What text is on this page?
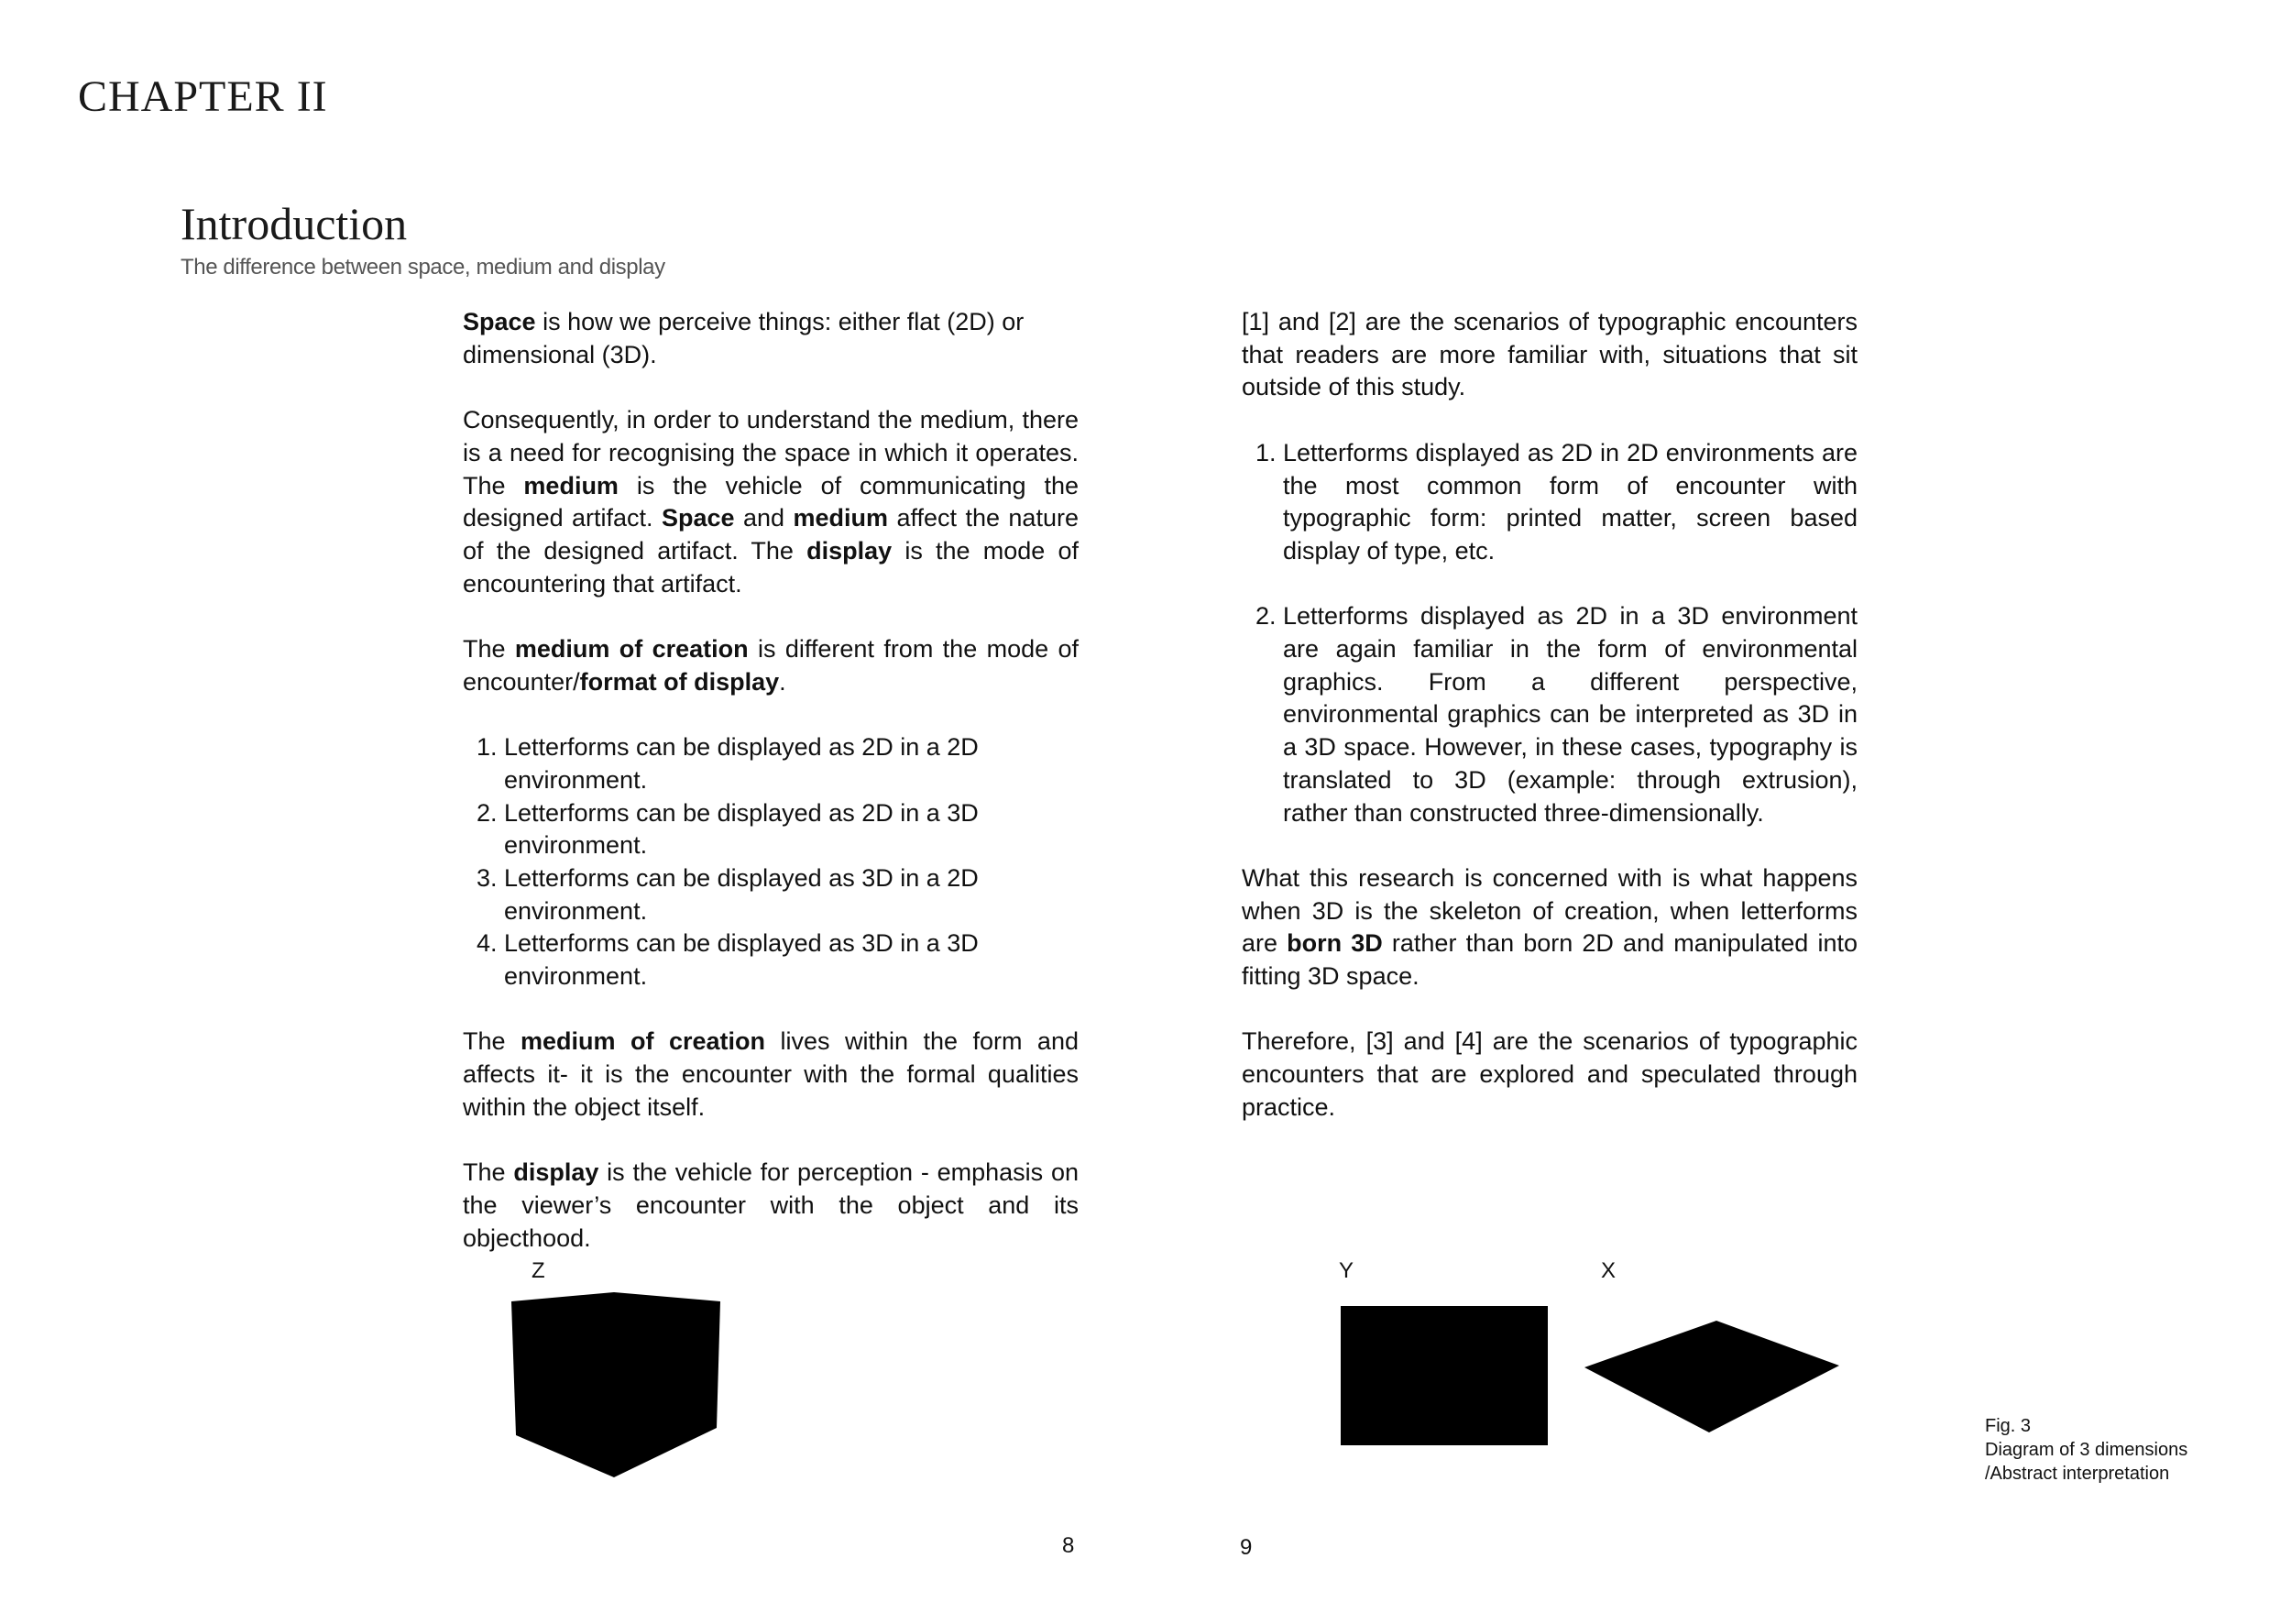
CHAPTER II
Introduction

The difference between space, medium and display

Space is how we perceive things: either flat (2D) or dimensional (3D).

Consequently, in order to understand the medium, there is a need for recognising the space in which it operates. The medium is the vehicle of communicating the designed artifact. Space and medium affect the nature of the designed artifact. The display is the mode of encountering that artifact.

The medium of creation is different from the mode of encounter/format of display.

1. Letterforms can be displayed as 2D in a 2D environment.
2. Letterforms can be displayed as 2D in a 3D environment.
3. Letterforms can be displayed as 3D in a 2D environment.
4. Letterforms can be displayed as 3D in a 3D environment.

The medium of creation lives within the form and affects it- it is the encounter with the formal qualities within the object itself.

The display is the vehicle for perception - emphasis on the viewer’s encounter with the object and its objecthood.

[1] and [2] are the scenarios of typographic encounters that readers are more familiar with, situations that sit outside of this study.

1. Letterforms displayed as 2D in 2D environments are the most common form of encounter with typographic form: printed matter, screen based display of type, etc.
2. Letterforms displayed as 2D in a 3D environment are again familiar in the form of environmental graphics. From a different perspective, environmental graphics can be interpreted as 3D in a 3D space. However, in these cases, typography is translated to 3D (example: through extrusion), rather than constructed three-dimensionally.

What this research is concerned with is what happens when 3D is the skeleton of creation, when letterforms are born 3D rather than born 2D and manipulated into fitting 3D space.

Therefore, [3] and [4] are the scenarios of typographic encounters that are explored and speculated through practice.

Z	Y	X
Fig. 3
Diagram of 3 dimensions
/Abstract interpretation
8	9
